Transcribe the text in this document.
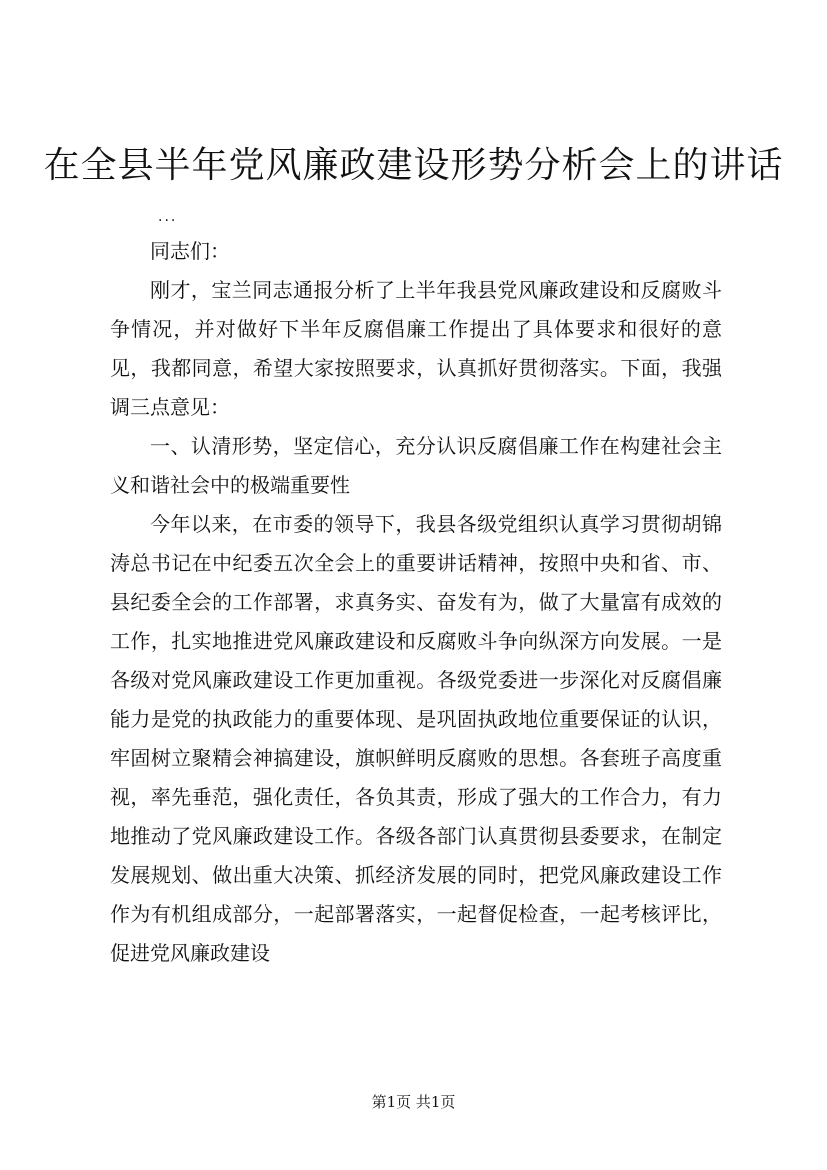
在全县半年党风廉政建设形势分析会上的讲话
...

同志们：

刚才，宝兰同志通报分析了上半年我县党风廉政建设和反腐败斗争情况，并对做好下半年反腐倡廉工作提出了具体要求和很好的意见，我都同意，希望大家按照要求，认真抓好贯彻落实。下面，我强调三点意见：

一、认清形势，坚定信心，充分认识反腐倡廉工作在构建社会主义和谐社会中的极端重要性

今年以来，在市委的领导下，我县各级党组织认真学习贯彻胡锦涛总书记在中纪委五次全会上的重要讲话精神，按照中央和省、市、县纪委全会的工作部署，求真务实、奋发有为，做了大量富有成效的工作，扎实地推进党风廉政建设和反腐败斗争向纵深方向发展。一是各级对党风廉政建设工作更加重视。各级党委进一步深化对反腐倡廉能力是党的执政能力的重要体现、是巩固执政地位重要保证的认识，牢固树立聚精会神搞建设，旗帜鲜明反腐败的思想。各套班子高度重视，率先垂范，强化责任，各负其责，形成了强大的工作合力，有力地推动了党风廉政建设工作。各级各部门认真贯彻县委要求，在制定发展规划、做出重大决策、抓经济发展的同时，把党风廉政建设工作作为有机组成部分，一起部署落实，一起督促检查，一起考核评比，促进党风廉政建设

第1页 共1页
